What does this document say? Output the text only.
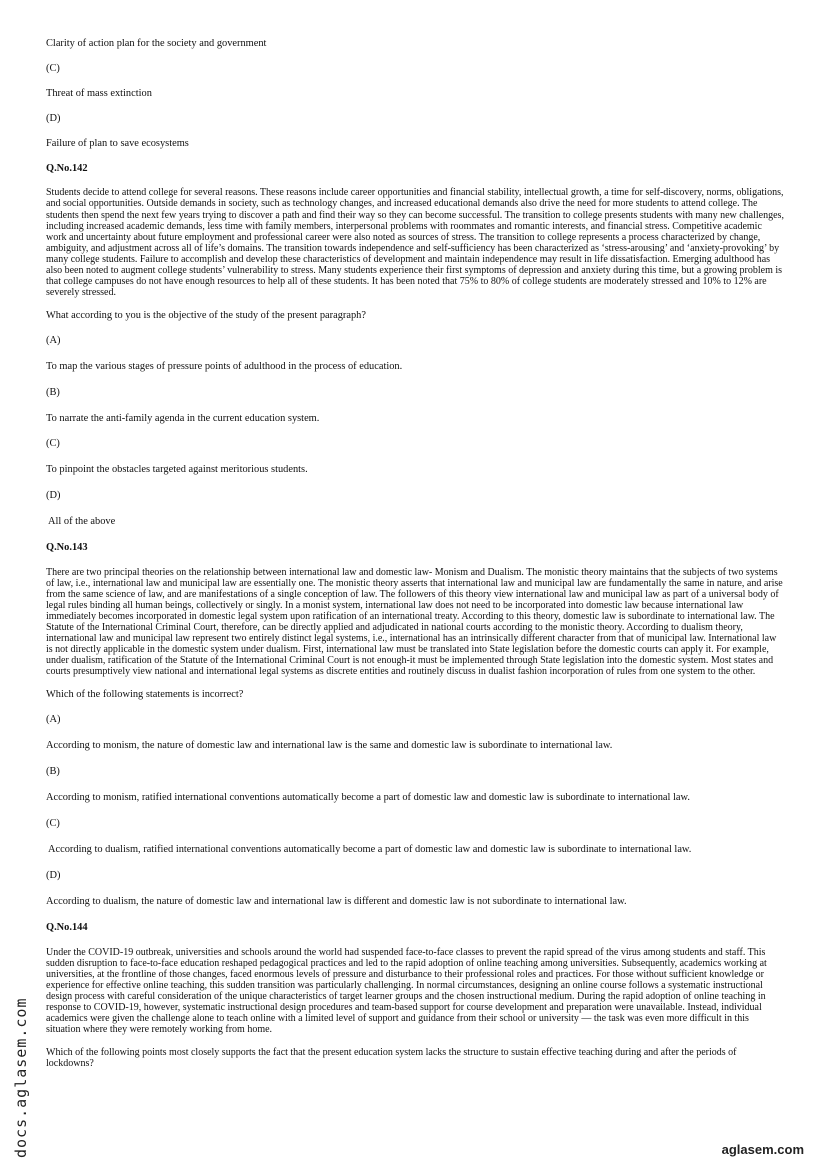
Clarity of action plan for the society and government

(C)

Threat of mass extinction

(D)

Failure of plan to save ecosystems

Q.No.142

Students decide to attend college for several reasons. These reasons include career opportunities and financial stability, intellectual growth, a time for self-discovery, norms, obligations, and social opportunities. Outside demands in society, such as technology changes, and increased educational demands also drive the need for more students to attend college. The students then spend the next few years trying to discover a path and find their way so they can become successful. The transition to college presents students with many new challenges, including increased academic demands, less time with family members, interpersonal problems with roommates and romantic interests, and financial stress. Competitive academic work and uncertainty about future employment and professional career were also noted as sources of stress. The transition to college represents a process characterized by change, ambiguity, and adjustment across all of life’s domains. The transition towards independence and self-sufficiency has been characterized as ‘stress-arousing’ and ‘anxiety-provoking’ by many college students. Failure to accomplish and develop these characteristics of development and maintain independence may result in life dissatisfaction. Emerging adulthood has also been noted to augment college students’ vulnerability to stress. Many students experience their first symptoms of depression and anxiety during this time, but a growing problem is that college campuses do not have enough resources to help all of these students. It has been noted that 75% to 80% of college students are moderately stressed and 10% to 12% are severely stressed.

What according to you is the objective of the study of the present paragraph?

(A)

To map the various stages of pressure points of adulthood in the process of education.

(B)

To narrate the anti-family agenda in the current education system.

(C)

To pinpoint the obstacles targeted against meritorious students.

(D)

All of the above

Q.No.143

There are two principal theories on the relationship between international law and domestic law- Monism and Dualism. The monistic theory maintains that the subjects of two systems of law, i.e., international law and municipal law are essentially one. The monistic theory asserts that international law and municipal law are fundamentally the same in nature, and arise from the same science of law, and are manifestations of a single conception of law. The followers of this theory view international law and municipal law as part of a universal body of legal rules binding all human beings, collectively or singly. In a monist system, international law does not need to be incorporated into domestic law because international law immediately becomes incorporated in domestic legal system upon ratification of an international treaty. According to this theory, domestic law is subordinate to international law. The Statute of the International Criminal Court, therefore, can be directly applied and adjudicated in national courts according to the monistic theory. According to dualism theory, international law and municipal law represent two entirely distinct legal systems, i.e., international has an intrinsically different character from that of municipal law. International law is not directly applicable in the domestic system under dualism. First, international law must be translated into State legislation before the domestic courts can apply it. For example, under dualism, ratification of the Statute of the International Criminal Court is not enough-it must be implemented through State legislation into the domestic system. Most states and courts presumptively view national and international legal systems as discrete entities and routinely discuss in dualist fashion incorporation of rules from one system to the other.

Which of the following statements is incorrect?

(A)

According to monism, the nature of domestic law and international law is the same and domestic law is subordinate to international law.

(B)

According to monism, ratified international conventions automatically become a part of domestic law and domestic law is subordinate to international law.

(C)

According to dualism, ratified international conventions automatically become a part of domestic law and domestic law is subordinate to international law.

(D)

According to dualism, the nature of domestic law and international law is different and domestic law is not subordinate to international law.

Q.No.144

Under the COVID-19 outbreak, universities and schools around the world had suspended face-to-face classes to prevent the rapid spread of the virus among students and staff. This sudden disruption to face-to-face education reshaped pedagogical practices and led to the rapid adoption of online teaching among universities. Subsequently, academics working at universities, at the frontline of those changes, faced enormous levels of pressure and disturbance to their professional roles and practices. For those without sufficient knowledge or experience for effective online teaching, this sudden transition was particularly challenging. In normal circumstances, designing an online course follows a systematic instructional design process with careful consideration of the unique characteristics of target learner groups and the chosen instructional medium. During the rapid adoption of online teaching in response to COVID-19, however, systematic instructional design procedures and team-based support for course development and preparation were unavailable. Instead, individual academics were given the challenge alone to teach online with a limited level of support and guidance from their school or university — the task was even more difficult in this situation where they were remotely working from home.

Which of the following points most closely supports the fact that the present education system lacks the structure to sustain effective teaching during and after the periods of lockdowns?

docs.aglasem.com	aglasem.com
